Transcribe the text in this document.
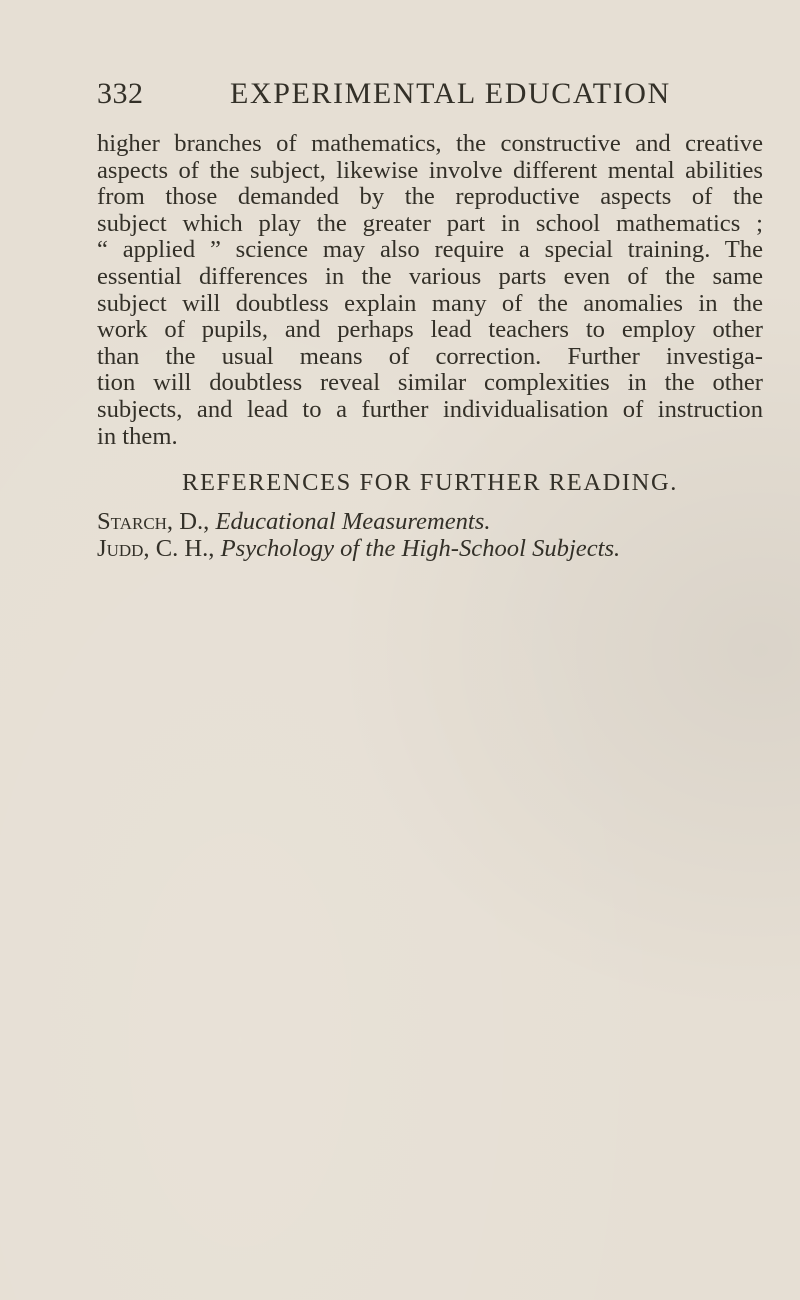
332	EXPERIMENTAL EDUCATION
higher branches of mathematics, the constructive and creative
aspects of the subject, likewise involve different mental abilities
from those demanded by the reproductive aspects of the
subject which play the greater part in school mathematics ;
“ applied ” science may also require a special training. The
essential differences in the various parts even of the same
subject will doubtless explain many of the anomalies in the
work of pupils, and perhaps lead teachers to employ other
than the usual means of correction. Further investiga-
tion will doubtless reveal similar complexities in the other
subjects, and lead to a further individualisation of instruction
in them.
REFERENCES FOR FURTHER READING.
Starch, D., Educational Measurements.
Judd, C. H., Psychology of the High-School Subjects.
